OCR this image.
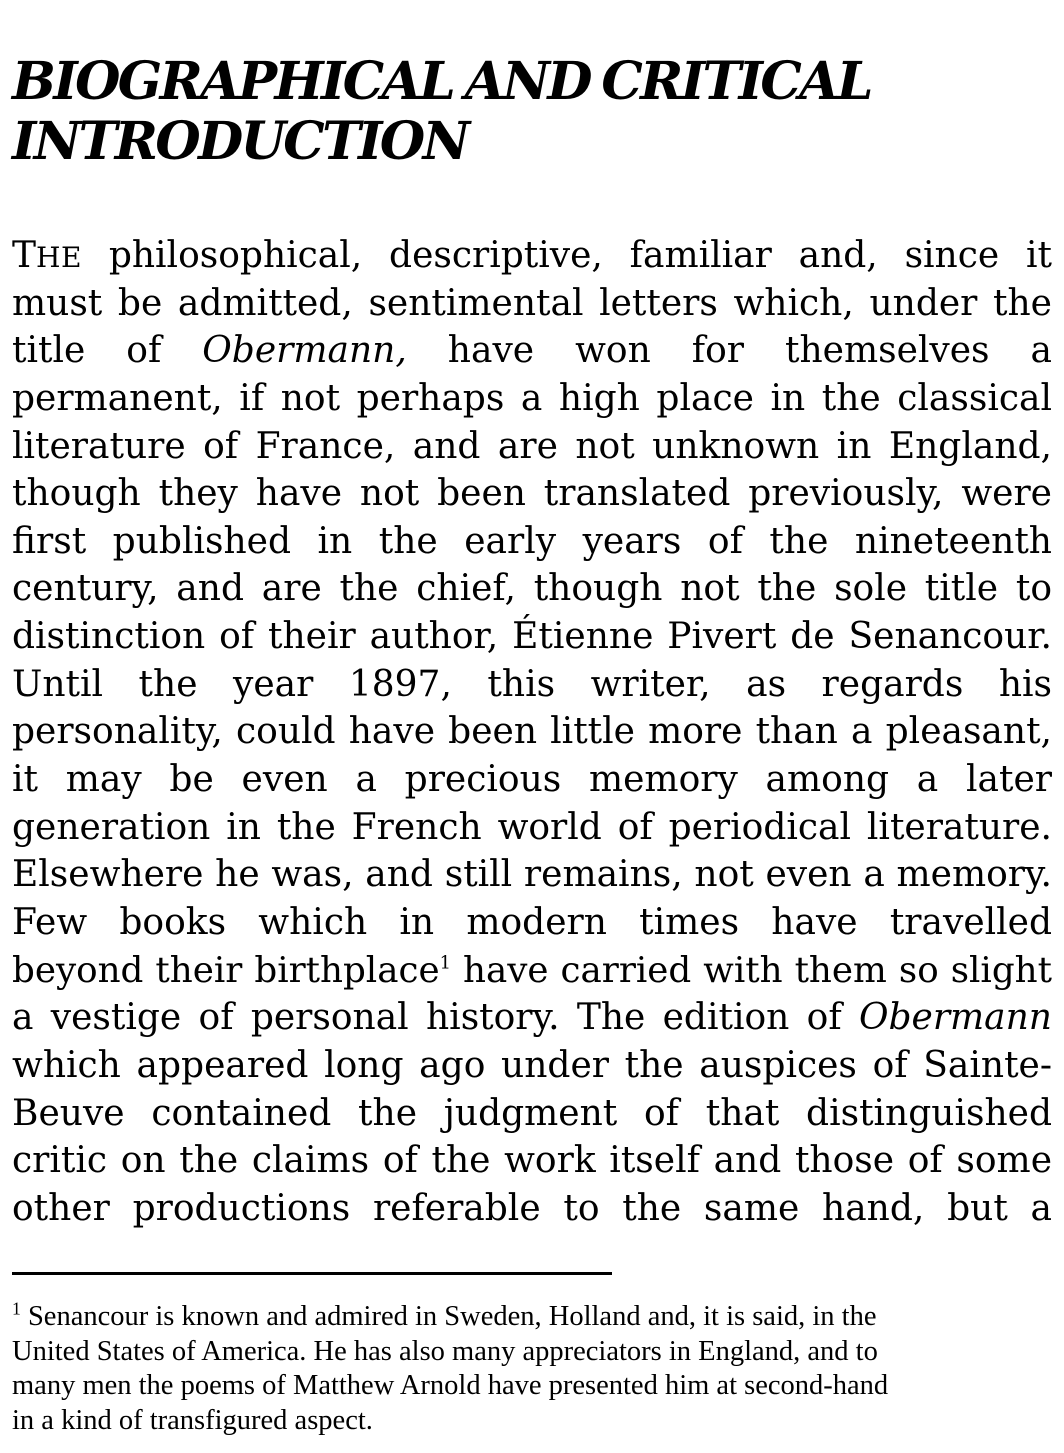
BIOGRAPHICAL AND CRITICAL
INTRODUCTION
THE philosophical, descriptive, familiar and, since it
must be admitted, sentimental letters which, under the
title of Obermann, have won for themselves a
permanent, if not perhaps a high place in the classical
literature of France, and are not unknown in England,
though they have not been translated previously, were
first published in the early years of the nineteenth
century, and are the chief, though not the sole title to
distinction of their author, Étienne Pivert de Senancour.
Until the year 1897, this writer, as regards his
personality, could have been little more than a pleasant,
it may be even a precious memory among a later
generation in the French world of periodical literature.
Elsewhere he was, and still remains, not even a memory.
Few books which in modern times have travelled
beyond their birthplace$^1$ have carried with them so slight
a vestige of personal history. The edition of Obermann
which appeared long ago under the auspices of Sainte-
Beuve contained the judgment of that distinguished
critic on the claims of the work itself and those of some
other productions referable to the same hand, but a
$^1$ Senancour is known and admired in Sweden, Holland and, it is said, in the
United States of America. He has also many appreciators in England, and to
many men the poems of Matthew Arnold have presented him at second-hand
in a kind of transfigured aspect.
